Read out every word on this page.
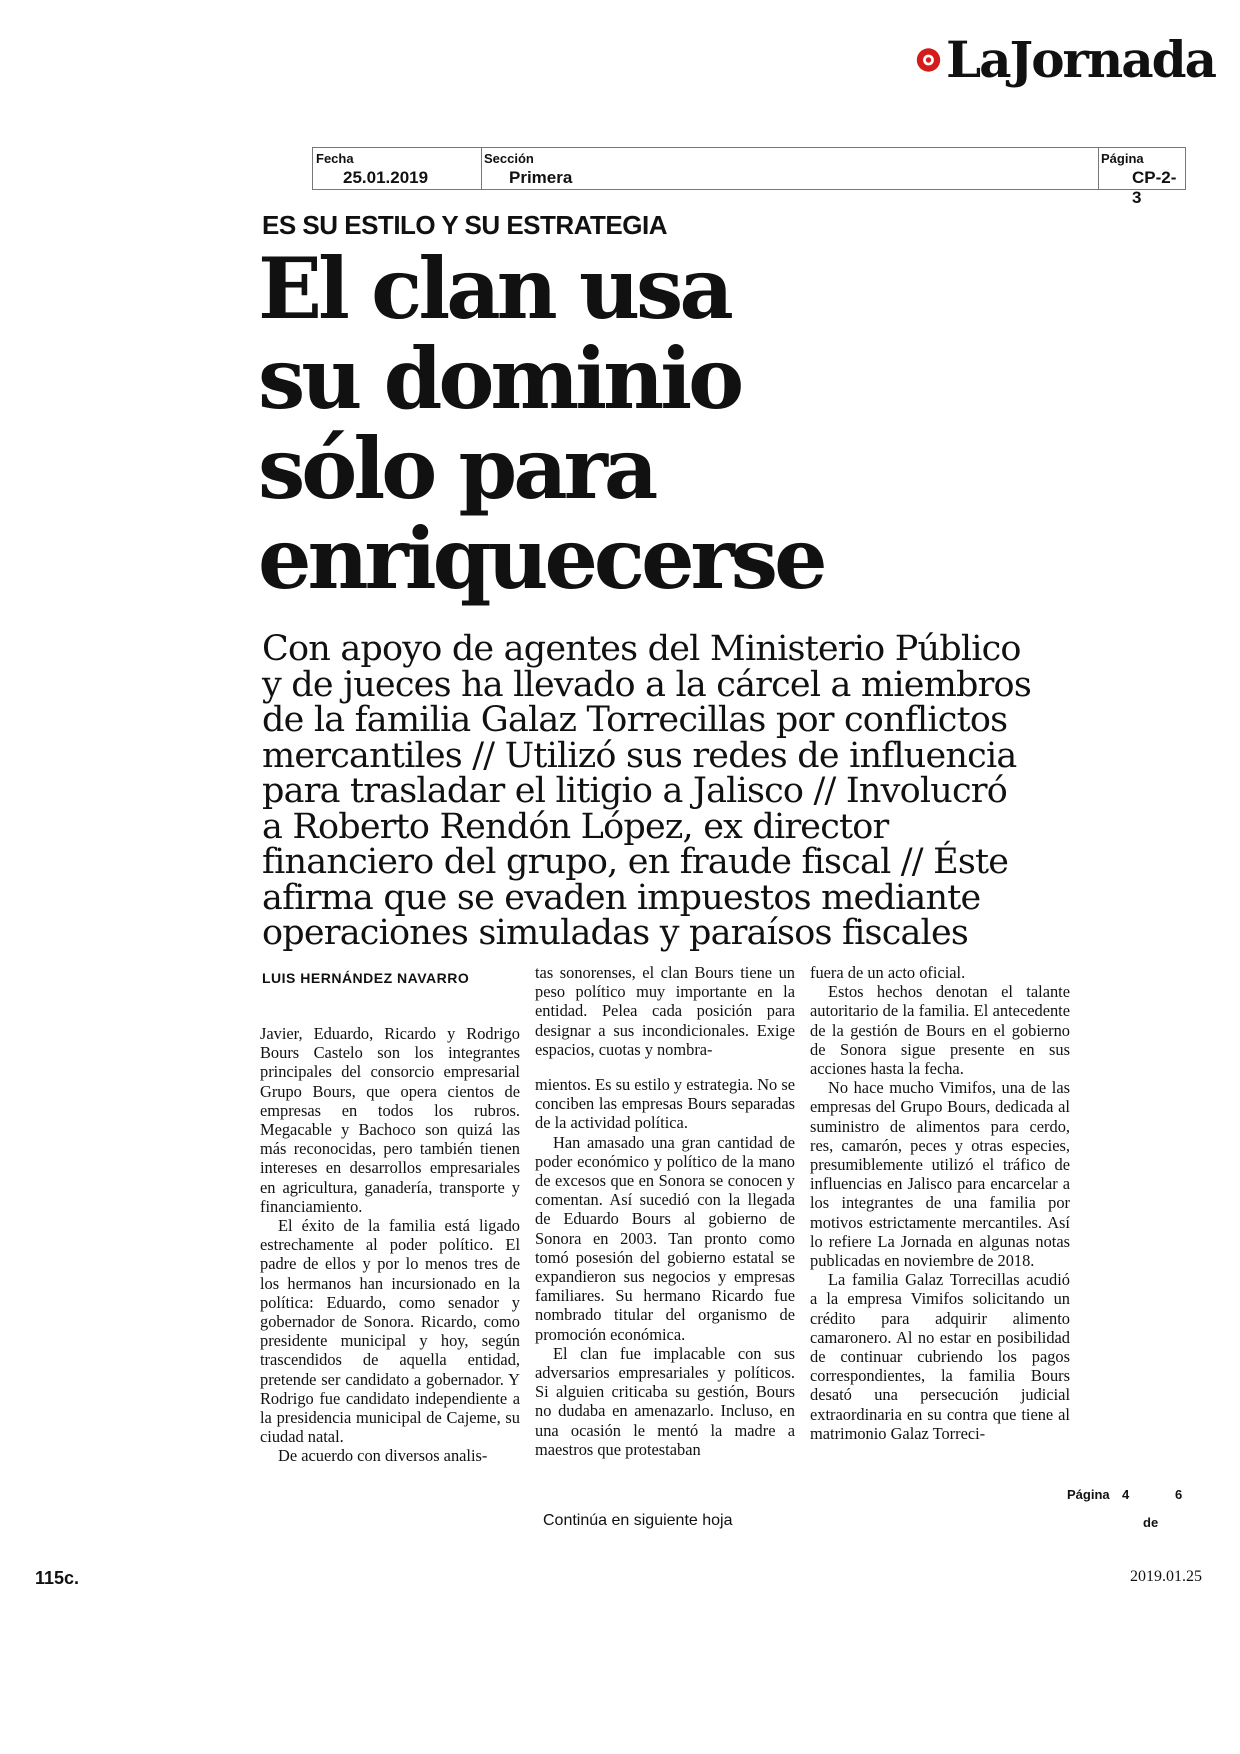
LaJornada
Fecha
25.01.2019
Sección
Primera
Página
CP-2-3
ES SU ESTILO Y SU ESTRATEGIA
El clan usa
su dominio
sólo para
enriquecerse
Con apoyo de agentes del Ministerio Público
y de jueces ha llevado a la cárcel a miembros
de la familia Galaz Torrecillas por conflictos
mercantiles // Utilizó sus redes de influencia
para trasladar el litigio a Jalisco // Involucró
a Roberto Rendón López, ex director
financiero del grupo, en fraude fiscal // Éste
afirma que se evaden impuestos mediante
operaciones simuladas y paraísos fiscales
LUIS HERNÁNDEZ NAVARRO

Javier, Eduardo, Ricardo y Rodrigo Bours Castelo son los integrantes principales del consorcio empresarial Grupo Bours, que opera cientos de empresas en todos los rubros. Megacable y Bachoco son quizá las más reconocidas, pero también tienen intereses en desarrollos empresariales en agricultura, ganadería, transporte y financiamiento.

El éxito de la familia está ligado estrechamente al poder político. El padre de ellos y por lo menos tres de los hermanos han incursionado en la política: Eduardo, como senador y gobernador de Sonora. Ricardo, como presidente municipal y hoy, según trascendidos de aquella entidad, pretende ser candidato a gobernador. Y Rodrigo fue candidato independiente a la presidencia municipal de Cajeme, su ciudad natal.

De acuerdo con diversos analis-

tas sonorenses, el clan Bours tiene un peso político muy importante en la entidad. Pelea cada posición para designar a sus incondicionales. Exige espacios, cuotas y nombra-

mientos. Es su estilo y estrategia. No se conciben las empresas Bours separadas de la actividad política.

Han amasado una gran cantidad de poder económico y político de la mano de excesos que en Sonora se conocen y comentan. Así sucedió con la llegada de Eduardo Bours al gobierno de Sonora en 2003. Tan pronto como tomó posesión del gobierno estatal se expandieron sus negocios y empresas familiares. Su hermano Ricardo fue nombrado titular del organismo de promoción económica.

El clan fue implacable con sus adversarios empresariales y políticos. Si alguien criticaba su gestión, Bours no dudaba en amenazarlo. Incluso, en una ocasión le mentó la madre a maestros que protestaban

fuera de un acto oficial.

Estos hechos denotan el talante autoritario de la familia. El antecedente de la gestión de Bours en el gobierno de Sonora sigue presente en sus acciones hasta la fecha.

No hace mucho Vimifos, una de las empresas del Grupo Bours, dedicada al suministro de alimentos para cerdo, res, camarón, peces y otras especies, presumiblemente utilizó el tráfico de influencias en Jalisco para encarcelar a los integrantes de una familia por motivos estrictamente mercantiles. Así lo refiere La Jornada en algunas notas publicadas en noviembre de 2018.

La familia Galaz Torrecillas acudió a la empresa Vimifos solicitando un crédito para adquirir alimento camaronero. Al no estar en posibilidad de continuar cubriendo los pagos correspondientes, la familia Bours desató una persecución judicial extraordinaria en su contra que tiene al matrimonio Galaz Torreci-

Página 4	6
de
Continúa en siguiente hoja
115c.	2019.01.25
